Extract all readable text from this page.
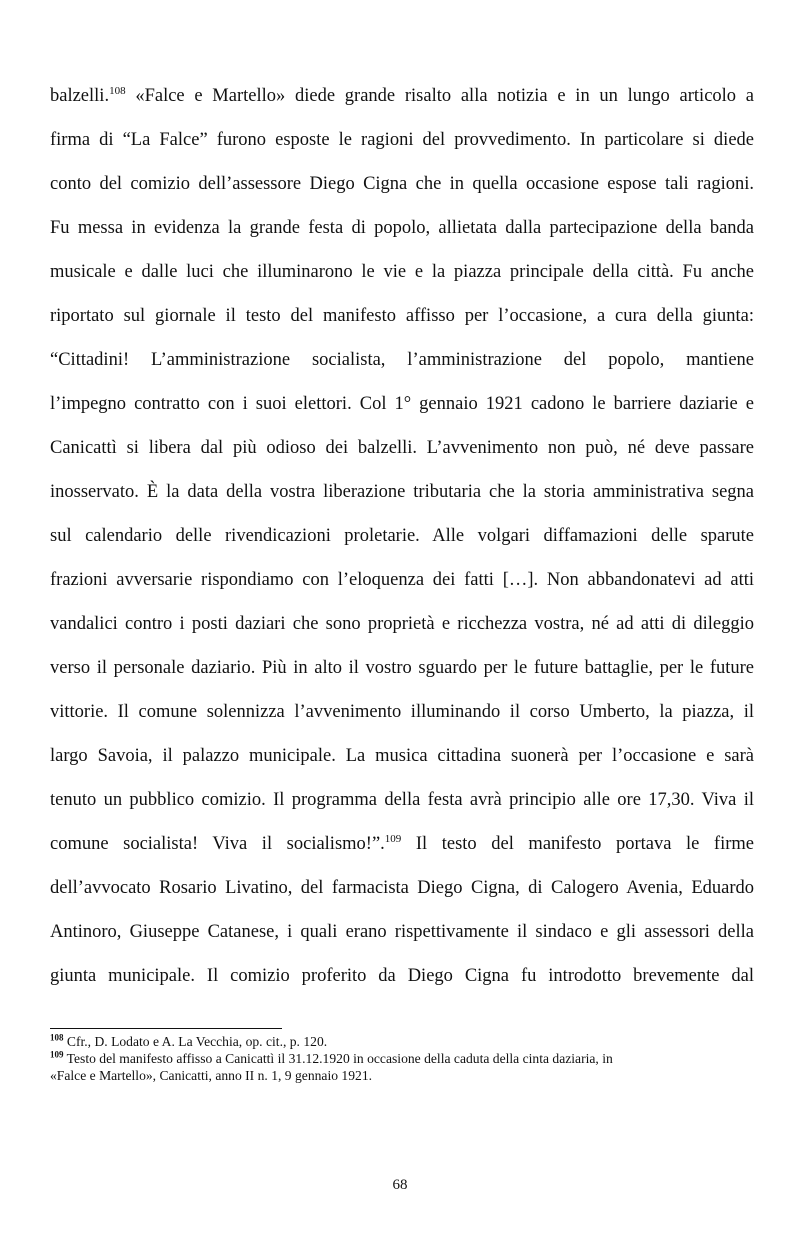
balzelli.$^{108}$ «Falce e Martello» diede grande risalto alla notizia e in un lungo articolo a
firma di “La Falce” furono esposte le ragioni del provvedimento. In particolare si diede
conto del comizio dell’assessore Diego Cigna che in quella occasione espose tali ragioni.
Fu messa in evidenza la grande festa di popolo, allietata dalla partecipazione della banda
musicale e dalle luci che illuminarono le vie e la piazza principale della città. Fu anche
riportato sul giornale il testo del manifesto affisso per l’occasione, a cura della giunta:
“Cittadini! L’amministrazione socialista, l’amministrazione del popolo, mantiene
l’impegno contratto con i suoi elettori. Col 1° gennaio 1921 cadono le barriere daziarie e
Canicattì si libera dal più odioso dei balzelli. L’avvenimento non può, né deve passare
inosservato. È la data della vostra liberazione tributaria che la storia amministrativa segna
sul calendario delle rivendicazioni proletarie. Alle volgari diffamazioni delle sparute
frazioni avversarie rispondiamo con l’eloquenza dei fatti […]. Non abbandonatevi ad atti
vandalici contro i posti daziari che sono proprietà e ricchezza vostra, né ad atti di dileggio
verso il personale daziario. Più in alto il vostro sguardo per le future battaglie, per le future
vittorie. Il comune solennizza l’avvenimento illuminando il corso Umberto, la piazza, il
largo Savoia, il palazzo municipale. La musica cittadina suonerà per l’occasione e sarà
tenuto un pubblico comizio. Il programma della festa avrà principio alle ore 17,30. Viva il
comune socialista! Viva il socialismo!”.$^{109}$ Il testo del manifesto portava le firme
dell’avvocato Rosario Livatino, del farmacista Diego Cigna, di Calogero Avenia, Eduardo
Antinoro, Giuseppe Catanese, i quali erano rispettivamente il sindaco e gli assessori della
giunta municipale. Il comizio proferito da Diego Cigna fu introdotto brevemente dal
$^{108}$ Cfr., D. Lodato e A. La Vecchia, op. cit., p. 120.
$^{109}$ Testo del manifesto affisso a Canicattì il 31.12.1920 in occasione della caduta della cinta daziaria, in
«Falce e Martello», Canicatti, anno II n. 1, 9 gennaio 1921.
68
